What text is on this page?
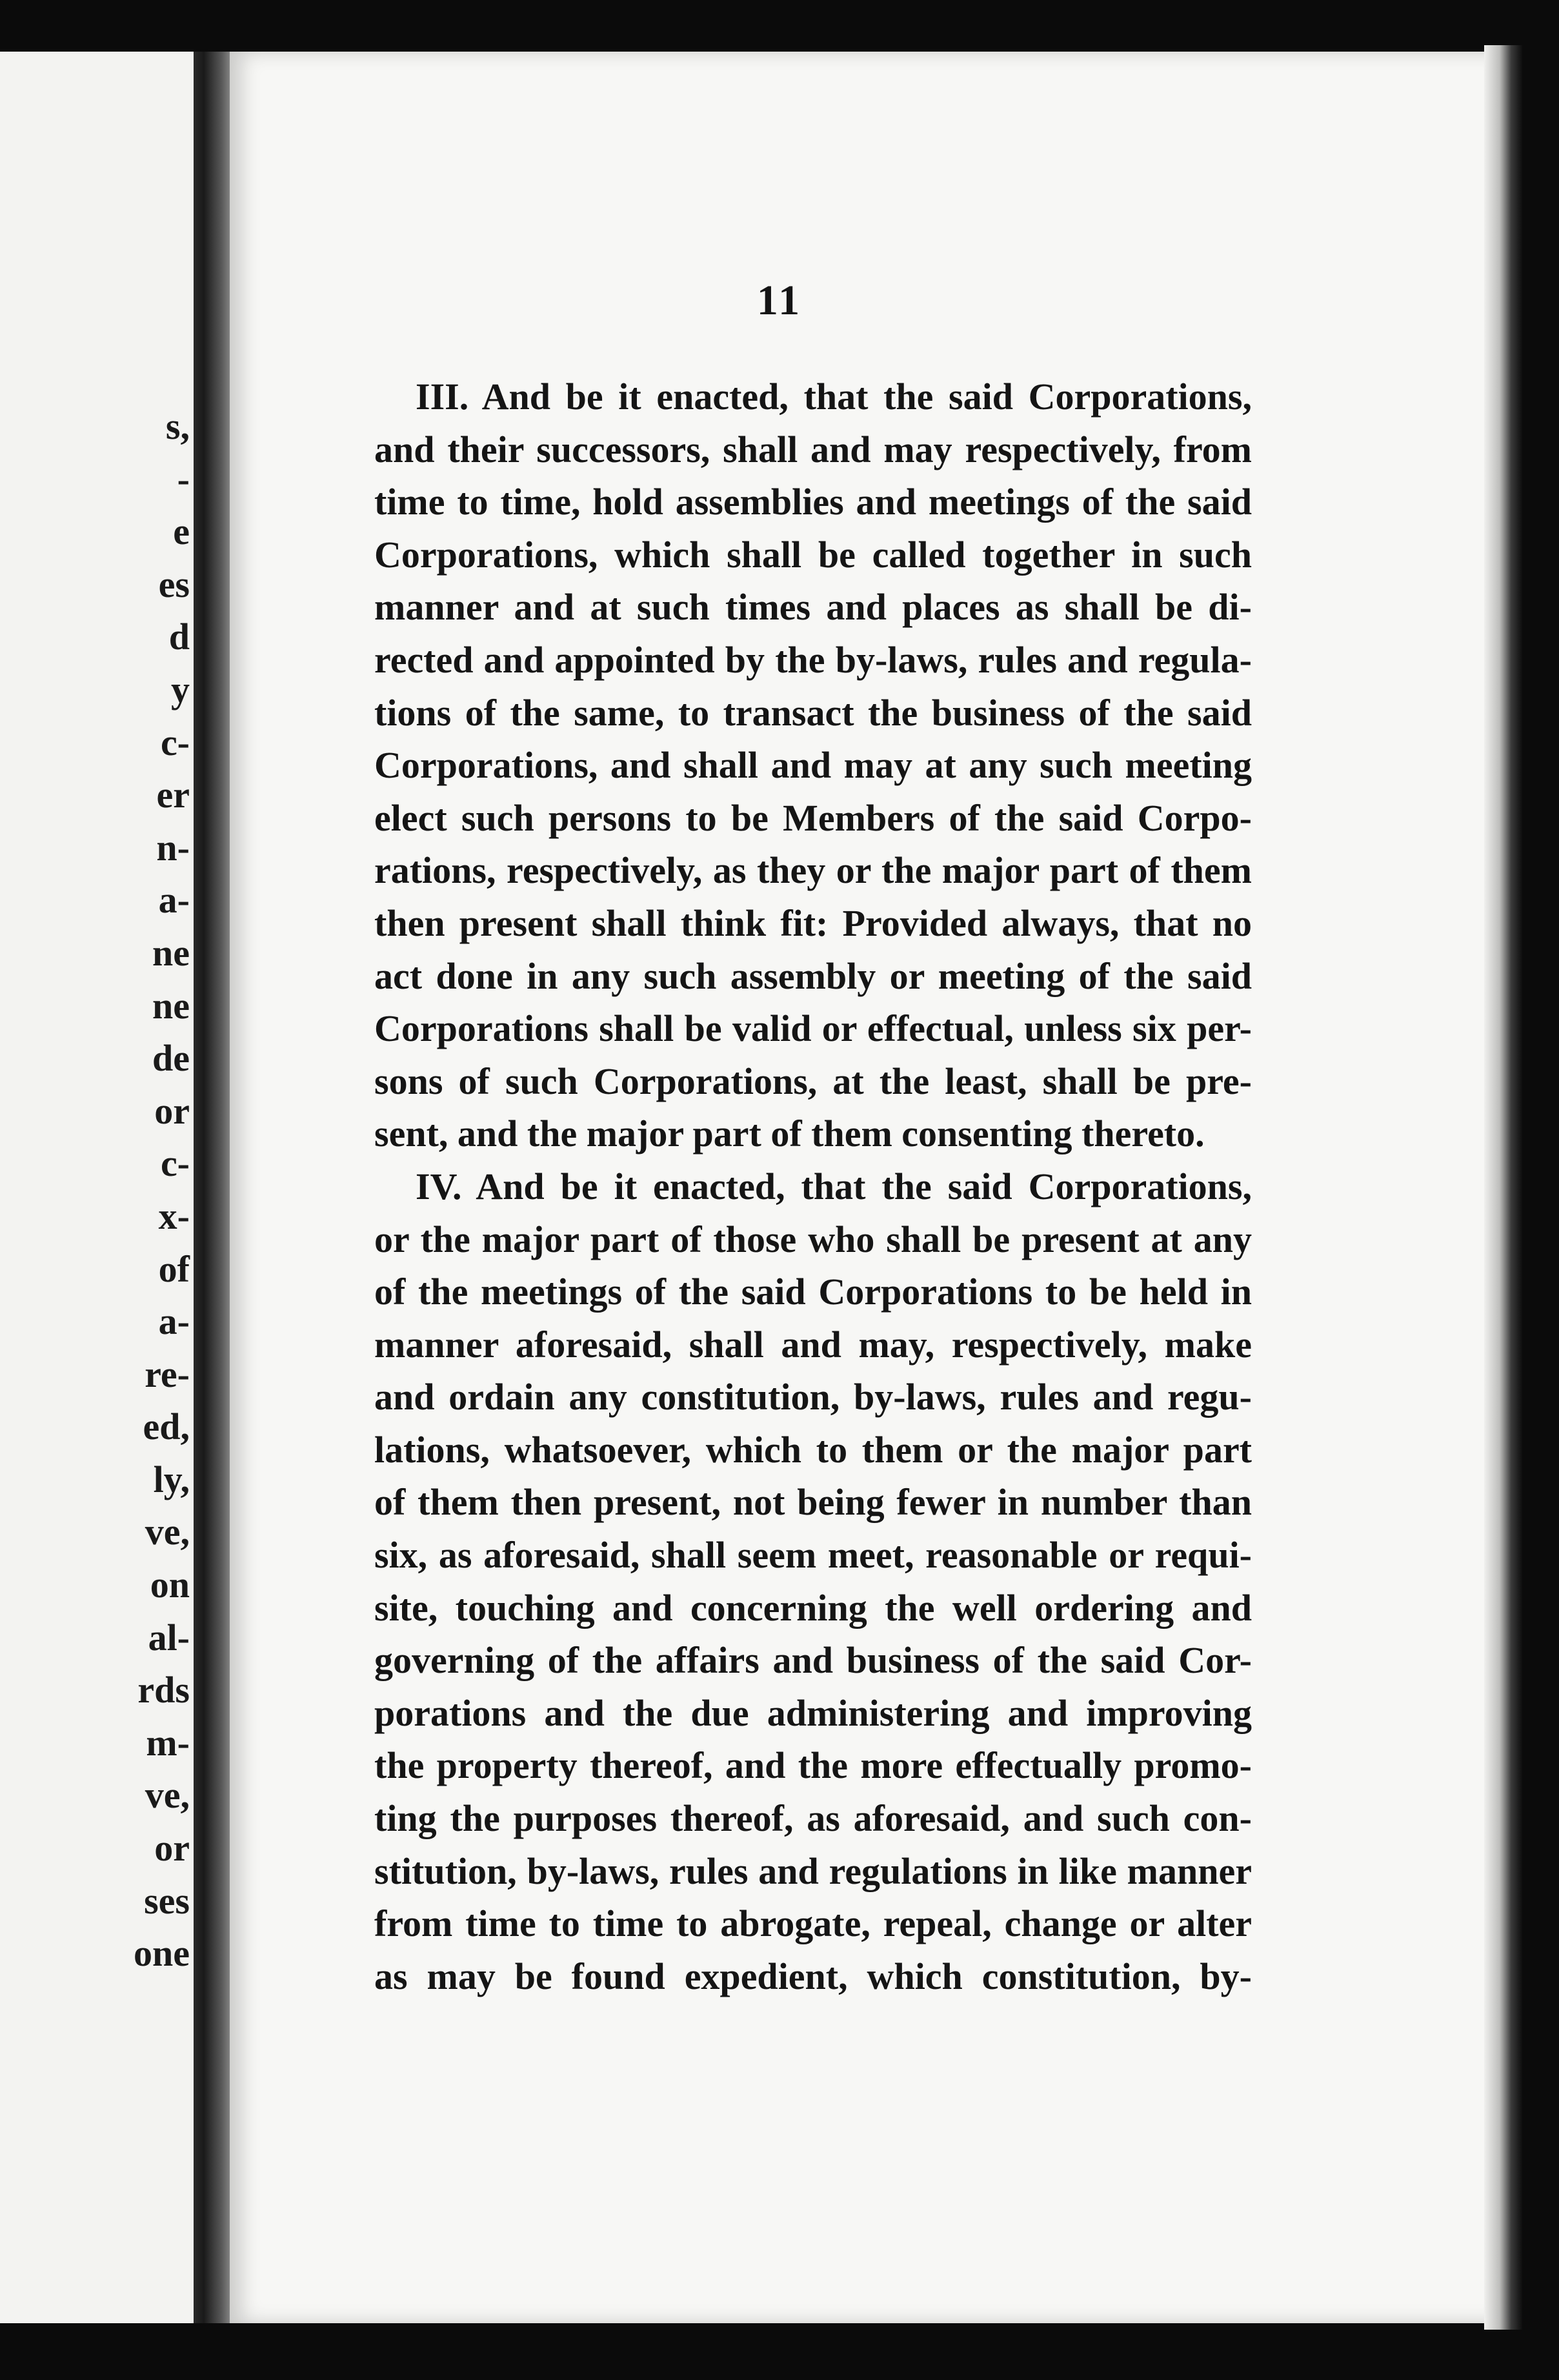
s,
-
e
es
d
y
c-
er
n-
a-
ne
ne
de
or
c-
x-
of
a-
re-
ed,
ly,
ve,
on
al-
rds
m-
ve,
or
ses
one
11
III. And be it enacted, that the said Corporations,
and their successors, shall and may respectively, from
time to time, hold assemblies and meetings of the said
Corporations, which shall be called together in such
manner and at such times and places as shall be di-
rected and appointed by the by-laws, rules and regula-
tions of the same, to transact the business of the said
Corporations, and shall and may at any such meeting
elect such persons to be Members of the said Corpo-
rations, respectively, as they or the major part of them
then present shall think fit: Provided always, that no
act done in any such assembly or meeting of the said
Corporations shall be valid or effectual, unless six per-
sons of such Corporations, at the least, shall be pre-
sent, and the major part of them consenting thereto.
IV. And be it enacted, that the said Corporations,
or the major part of those who shall be present at any
of the meetings of the said Corporations to be held in
manner aforesaid, shall and may, respectively, make
and ordain any constitution, by-laws, rules and regu-
lations, whatsoever, which to them or the major part
of them then present, not being fewer in number than
six, as aforesaid, shall seem meet, reasonable or requi-
site, touching and concerning the well ordering and
governing of the affairs and business of the said Cor-
porations and the due administering and improving
the property thereof, and the more effectually promo-
ting the purposes thereof, as aforesaid, and such con-
stitution, by-laws, rules and regulations in like manner
from time to time to abrogate, repeal, change or alter
as may be found expedient, which constitution, by-
